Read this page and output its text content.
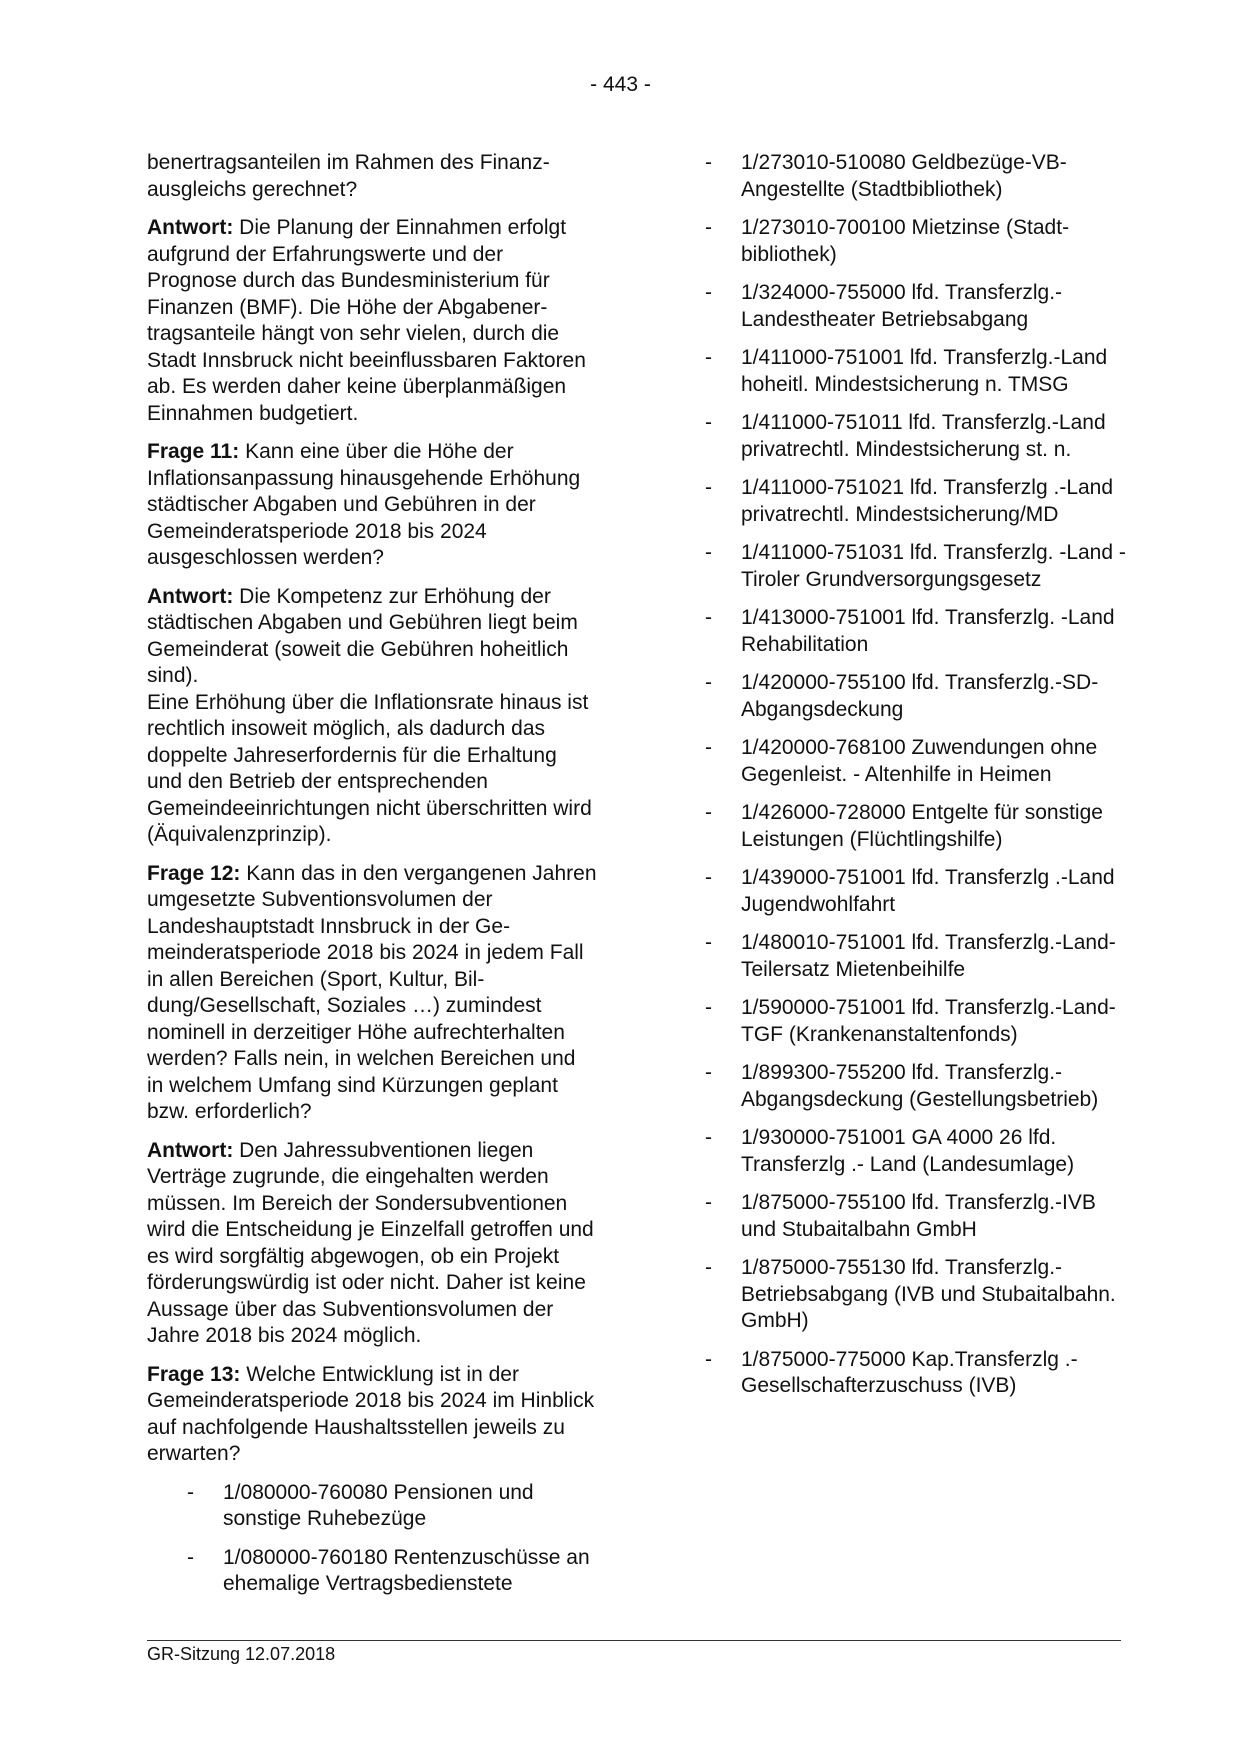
- 443 -

benertragsanteilen im Rahmen des Finanzausgleichs gerechnet?

Antwort: Die Planung der Einnahmen erfolgt aufgrund der Erfahrungswerte und der Prognose durch das Bundesministerium für Finanzen (BMF). Die Höhe der Abgabenertragsanteile hängt von sehr vielen, durch die Stadt Innsbruck nicht beeinflussbaren Faktoren ab. Es werden daher keine überplanmäßigen Einnahmen budgetiert.

Frage 11: Kann eine über die Höhe der Inflationsanpassung hinausgehende Erhöhung städtischer Abgaben und Gebühren in der Gemeinderatsperiode 2018 bis 2024 ausgeschlossen werden?

Antwort: Die Kompetenz zur Erhöhung der städtischen Abgaben und Gebühren liegt beim Gemeinderat (soweit die Gebühren hoheitlich sind).
Eine Erhöhung über die Inflationsrate hinaus ist rechtlich insoweit möglich, als dadurch das doppelte Jahreserfordernis für die Erhaltung und den Betrieb der entsprechenden Gemeindeeinrichtungen nicht überschritten wird (Äquivalenzprinzip).

Frage 12: Kann das in den vergangenen Jahren umgesetzte Subventionsvolumen der Landeshauptstadt Innsbruck in der Gemeinderatsperiode 2018 bis 2024 in jedem Fall in allen Bereichen (Sport, Kultur, Bildung/Gesellschaft, Soziales …) zumindest nominell in derzeitiger Höhe aufrechterhalten werden? Falls nein, in welchen Bereichen und in welchem Umfang sind Kürzungen geplant bzw. erforderlich?

Antwort: Den Jahressubventionen liegen Verträge zugrunde, die eingehalten werden müssen. Im Bereich der Sondersubventionen wird die Entscheidung je Einzelfall getroffen und es wird sorgfältig abgewogen, ob ein Projekt förderungswürdig ist oder nicht. Daher ist keine Aussage über das Subventionsvolumen der Jahre 2018 bis 2024 möglich.

Frage 13: Welche Entwicklung ist in der Gemeinderatsperiode 2018 bis 2024 im Hinblick auf nachfolgende Haushaltsstellen jeweils zu erwarten?

- 1/080000-760080 Pensionen und sonstige Ruhebezüge
- 1/080000-760180 Rentenzuschüsse an ehemalige Vertragsbedienstete
- 1/273010-510080 Geldbezüge-VB-Angestellte (Stadtbibliothek)
- 1/273010-700100 Mietzinse (Stadtbibliothek)
- 1/324000-755000 lfd. Transferzlg.-Landestheater Betriebsabgang
- 1/411000-751001 lfd. Transferzlg.-Land hoheitl. Mindestsicherung n. TMSG
- 1/411000-751011 lfd. Transferzlg.-Land privatrechtl. Mindestsicherung st. n.
- 1/411000-751021 lfd. Transferzlg .-Land privatrechtl. Mindestsicherung/MD
- 1/411000-751031 lfd. Transferzlg. -Land - Tiroler Grundversorgungsgesetz
- 1/413000-751001 lfd. Transferzlg. -Land Rehabilitation
- 1/420000-755100 lfd. Transferzlg.-SD-Abgangsdeckung
- 1/420000-768100 Zuwendungen ohne Gegenleist. - Altenhilfe in Heimen
- 1/426000-728000 Entgelte für sonstige Leistungen (Flüchtlingshilfe)
- 1/439000-751001 lfd. Transferzlg .-Land Jugendwohlfahrt
- 1/480010-751001 lfd. Transferzlg.-Land-Teilersatz Mietenbeihilfe
- 1/590000-751001 lfd. Transferzlg.-Land-TGF (Krankenanstaltenfonds)
- 1/899300-755200 lfd. Transferzlg.-Abgangsdeckung (Gestellungsbetrieb)
- 1/930000-751001 GA 4000 26 lfd. Transferzlg .- Land (Landesumlage)
- 1/875000-755100 lfd. Transferzlg.-IVB und Stubaitalbahn GmbH
- 1/875000-755130 lfd. Transferzlg.-Betriebsabgang (IVB und Stubaitalbahn. GmbH)
- 1/875000-775000 Kap.Transferzlg .-Gesellschafterzuschuss (IVB)
GR-Sitzung 12.07.2018
